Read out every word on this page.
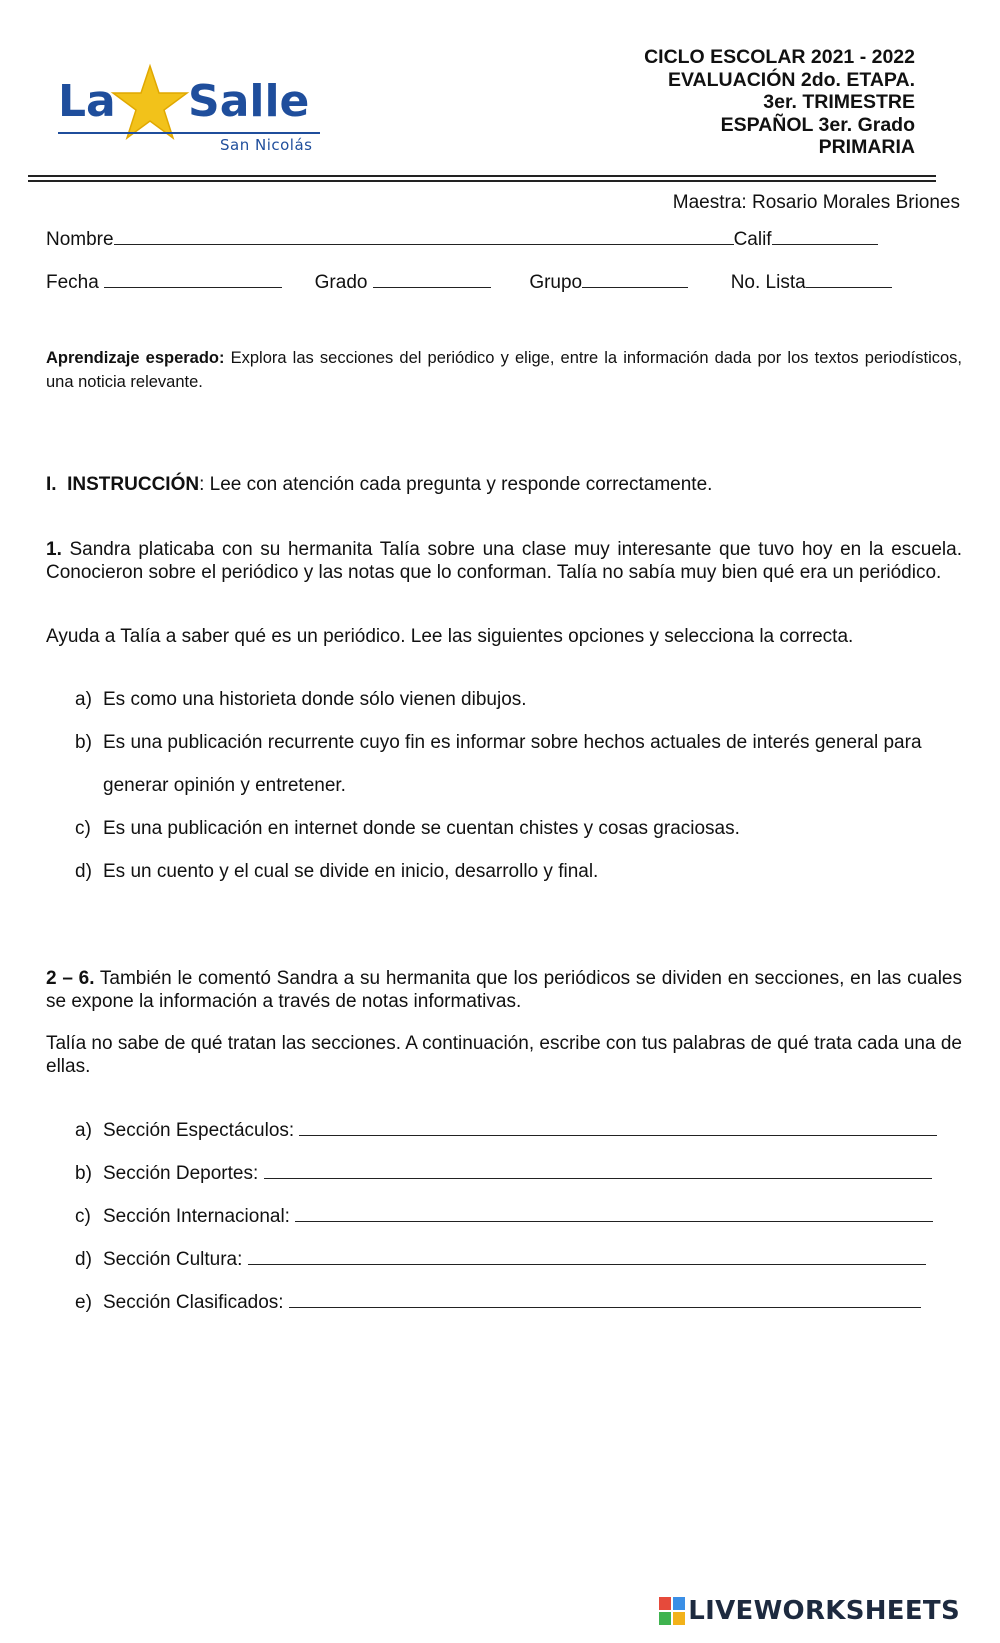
La Salle
San Nicolás
CICLO ESCOLAR 2021 - 2022
EVALUACIÓN 2do. ETAPA.
3er. TRIMESTRE
ESPAÑOL 3er. Grado
PRIMARIA
Maestra: Rosario Morales Briones
Nombre	Calif
Fecha	Grado	Grupo	No. Lista
Aprendizaje esperado: Explora las secciones del periódico y elige, entre la información dada por los textos periodísticos, una noticia relevante.
I. INSTRUCCIÓN: Lee con atención cada pregunta y responde correctamente.
1. Sandra platicaba con su hermanita Talía sobre una clase muy interesante que tuvo hoy en la escuela. Conocieron sobre el periódico y las notas que lo conforman. Talía no sabía muy bien qué era un periódico.
Ayuda a Talía a saber qué es un periódico. Lee las siguientes opciones y selecciona la correcta.
a) Es como una historieta donde sólo vienen dibujos.
b) Es una publicación recurrente cuyo fin es informar sobre hechos actuales de interés general para
generar opinión y entretener.
c) Es una publicación en internet donde se cuentan chistes y cosas graciosas.
d) Es un cuento y el cual se divide en inicio, desarrollo y final.
2 – 6. También le comentó Sandra a su hermanita que los periódicos se dividen en secciones, en las cuales se expone la información a través de notas informativas.
Talía no sabe de qué tratan las secciones. A continuación, escribe con tus palabras de qué trata cada una de ellas.
a) Sección Espectáculos:
b) Sección Deportes:
c) Sección Internacional:
d) Sección Cultura:
e) Sección Clasificados:
LIVEWORKSHEETS
